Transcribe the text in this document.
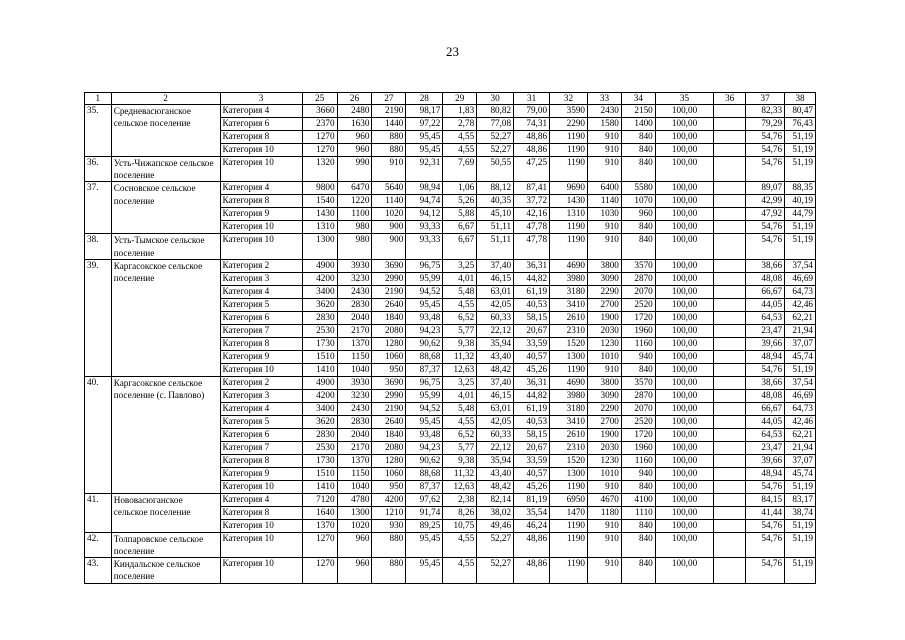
23
1	2	3	25	26	27	28	29	30	31	32	33	34	35	36	37	38
35.	Средневасюганское сельское поселение	Категория 4	3660	2480	2190	98,17	1,83	80,82	79,00	3590	2430	2150	100,00		82,33	80,47
		Категория 6	2370	1630	1440	97,22	2,78	77,08	74,31	2290	1580	1400	100,00		79,29	76,43
		Категория 8	1270	960	880	95,45	4,55	52,27	48,86	1190	910	840	100,00		54,76	51,19
		Категория 10	1270	960	880	95,45	4,55	52,27	48,86	1190	910	840	100,00		54,76	51,19
36.	Усть-Чижапское сельское поселение	Категория 10	1320	990	910	92,31	7,69	50,55	47,25	1190	910	840	100,00		54,76	51,19
37.	Сосновское сельское поселение	Категория 4	9800	6470	5640	98,94	1,06	88,12	87,41	9690	6400	5580	100,00		89,07	88,35
		Категория 8	1540	1220	1140	94,74	5,26	40,35	37,72	1430	1140	1070	100,00		42,99	40,19
		Категория 9	1430	1100	1020	94,12	5,88	45,10	42,16	1310	1030	960	100,00		47,92	44,79
		Категория 10	1310	980	900	93,33	6,67	51,11	47,78	1190	910	840	100,00		54,76	51,19
38.	Усть-Тымское сельское поселение	Категория 10	1300	980	900	93,33	6,67	51,11	47,78	1190	910	840	100,00		54,76	51,19
39.	Каргасокское сельское поселение	Категория 2	4900	3930	3690	96,75	3,25	37,40	36,31	4690	3800	3570	100,00		38,66	37,54
		Категория 3	4200	3230	2990	95,99	4,01	46,15	44,82	3980	3090	2870	100,00		48,08	46,69
		Категория 4	3400	2430	2190	94,52	5,48	63,01	61,19	3180	2290	2070	100,00		66,67	64,73
		Категория 5	3620	2830	2640	95,45	4,55	42,05	40,53	3410	2700	2520	100,00		44,05	42,46
		Категория 6	2830	2040	1840	93,48	6,52	60,33	58,15	2610	1900	1720	100,00		64,53	62,21
		Категория 7	2530	2170	2080	94,23	5,77	22,12	20,67	2310	2030	1960	100,00		23,47	21,94
		Категория 8	1730	1370	1280	90,62	9,38	35,94	33,59	1520	1230	1160	100,00		39,66	37,07
		Категория 9	1510	1150	1060	88,68	11,32	43,40	40,57	1300	1010	940	100,00		48,94	45,74
		Категория 10	1410	1040	950	87,37	12,63	48,42	45,26	1190	910	840	100,00		54,76	51,19
40.	Каргасокское сельское поселение (с. Павлово)	Категория 2	4900	3930	3690	96,75	3,25	37,40	36,31	4690	3800	3570	100,00		38,66	37,54
		Категория 3	4200	3230	2990	95,99	4,01	46,15	44,82	3980	3090	2870	100,00		48,08	46,69
		Категория 4	3400	2430	2190	94,52	5,48	63,01	61,19	3180	2290	2070	100,00		66,67	64,73
		Категория 5	3620	2830	2640	95,45	4,55	42,05	40,53	3410	2700	2520	100,00		44,05	42,46
		Категория 6	2830	2040	1840	93,48	6,52	60,33	58,15	2610	1900	1720	100,00		64,53	62,21
		Категория 7	2530	2170	2080	94,23	5,77	22,12	20,67	2310	2030	1960	100,00		23,47	21,94
		Категория 8	1730	1370	1280	90,62	9,38	35,94	33,59	1520	1230	1160	100,00		39,66	37,07
		Категория 9	1510	1150	1060	88,68	11,32	43,40	40,57	1300	1010	940	100,00		48,94	45,74
		Категория 10	1410	1040	950	87,37	12,63	48,42	45,26	1190	910	840	100,00		54,76	51,19
41.	Нововасюганское сельское поселение	Категория 4	7120	4780	4200	97,62	2,38	82,14	81,19	6950	4670	4100	100,00		84,15	83,17
		Категория 8	1640	1300	1210	91,74	8,26	38,02	35,54	1470	1180	1110	100,00		41,44	38,74
		Категория 10	1370	1020	930	89,25	10,75	49,46	46,24	1190	910	840	100,00		54,76	51,19
42.	Толпаровское сельское поселение	Категория 10	1270	960	880	95,45	4,55	52,27	48,86	1190	910	840	100,00		54,76	51,19
43.	Киндальское сельское поселение	Категория 10	1270	960	880	95,45	4,55	52,27	48,86	1190	910	840	100,00		54,76	51,19
